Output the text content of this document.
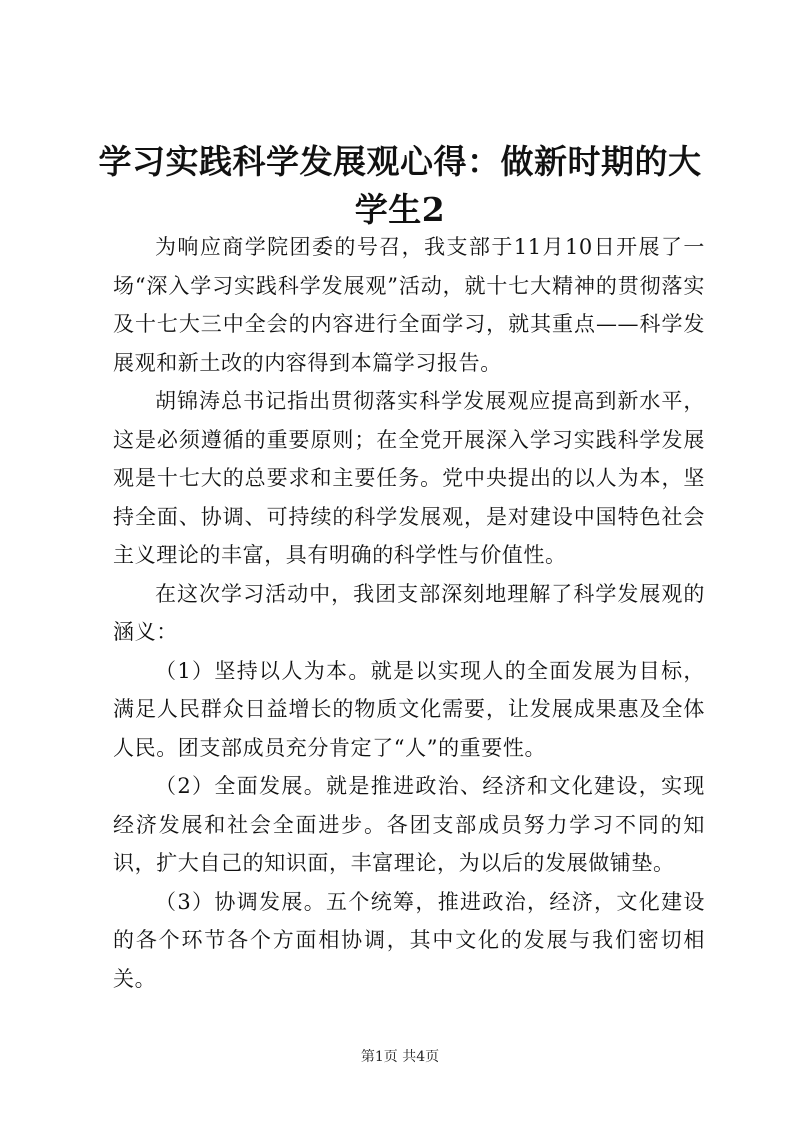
学习实践科学发展观心得：做新时期的大学生2

为响应商学院团委的号召，我支部于11月10日开展了一场“深入学习实践科学发展观”活动，就十七大精神的贯彻落实及十七大三中全会的内容进行全面学习，就其重点——科学发展观和新土改的内容得到本篇学习报告。

胡锦涛总书记指出贯彻落实科学发展观应提高到新水平，这是必须遵循的重要原则；在全党开展深入学习实践科学发展观是十七大的总要求和主要任务。党中央提出的以人为本，坚持全面、协调、可持续的科学发展观，是对建设中国特色社会主义理论的丰富，具有明确的科学性与价值性。

在这次学习活动中，我团支部深刻地理解了科学发展观的涵义：

（1）坚持以人为本。就是以实现人的全面发展为目标，满足人民群众日益增长的物质文化需要，让发展成果惠及全体人民。团支部成员充分肯定了“人”的重要性。

（2）全面发展。就是推进政治、经济和文化建设，实现经济发展和社会全面进步。各团支部成员努力学习不同的知识，扩大自己的知识面，丰富理论，为以后的发展做铺垫。

（3）协调发展。五个统筹，推进政治，经济，文化建设的各个环节各个方面相协调，其中文化的发展与我们密切相关。

第1页 共4页
